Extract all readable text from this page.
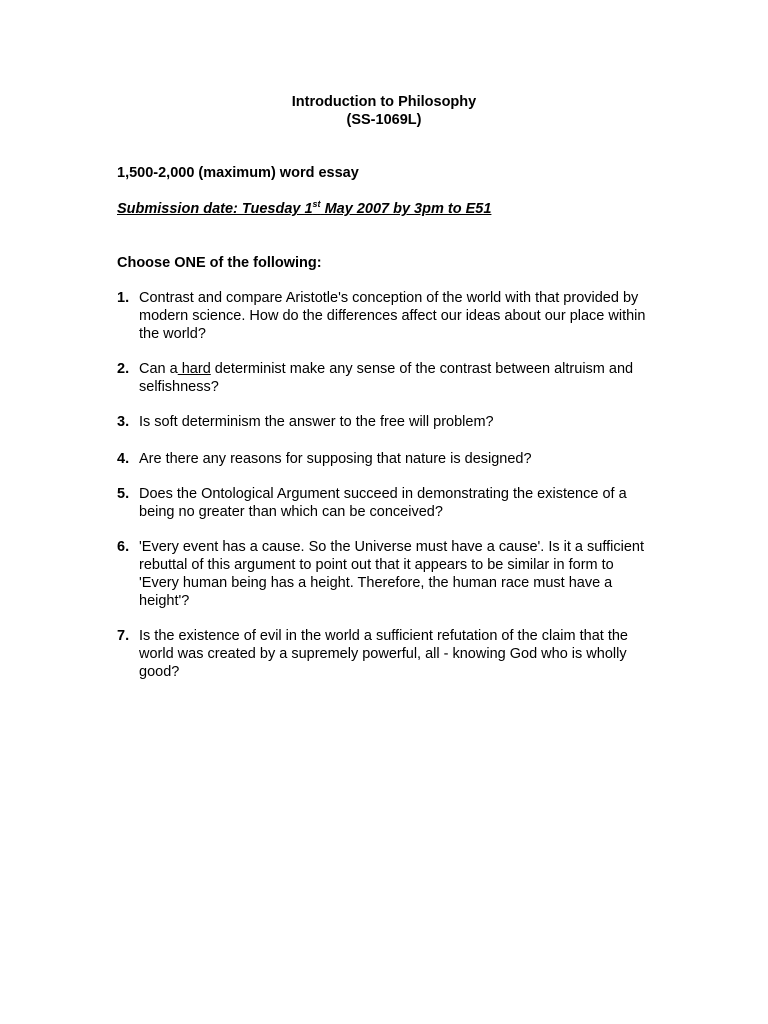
Introduction to Philosophy
(SS-1069L)
1,500-2,000 (maximum) word essay
Submission date: Tuesday 1st May 2007 by 3pm to E51
Choose ONE of the following:
1. Contrast and compare Aristotle's conception of the world with that provided by modern science. How do the differences affect our ideas about our place within the world?
2. Can a hard determinist make any sense of the contrast between altruism and selfishness?
3. Is soft determinism the answer to the free will problem?
4. Are there any reasons for supposing that nature is designed?
5. Does the Ontological Argument succeed in demonstrating the existence of a being no greater than which can be conceived?
6. 'Every event has a cause. So the Universe must have a cause'. Is it a sufficient rebuttal of this argument to point out that it appears to be similar in form to 'Every human being has a height. Therefore, the human race must have a height'?
7. Is the existence of evil in the world a sufficient refutation of the claim that the world was created by a supremely powerful, all - knowing God who is wholly good?
